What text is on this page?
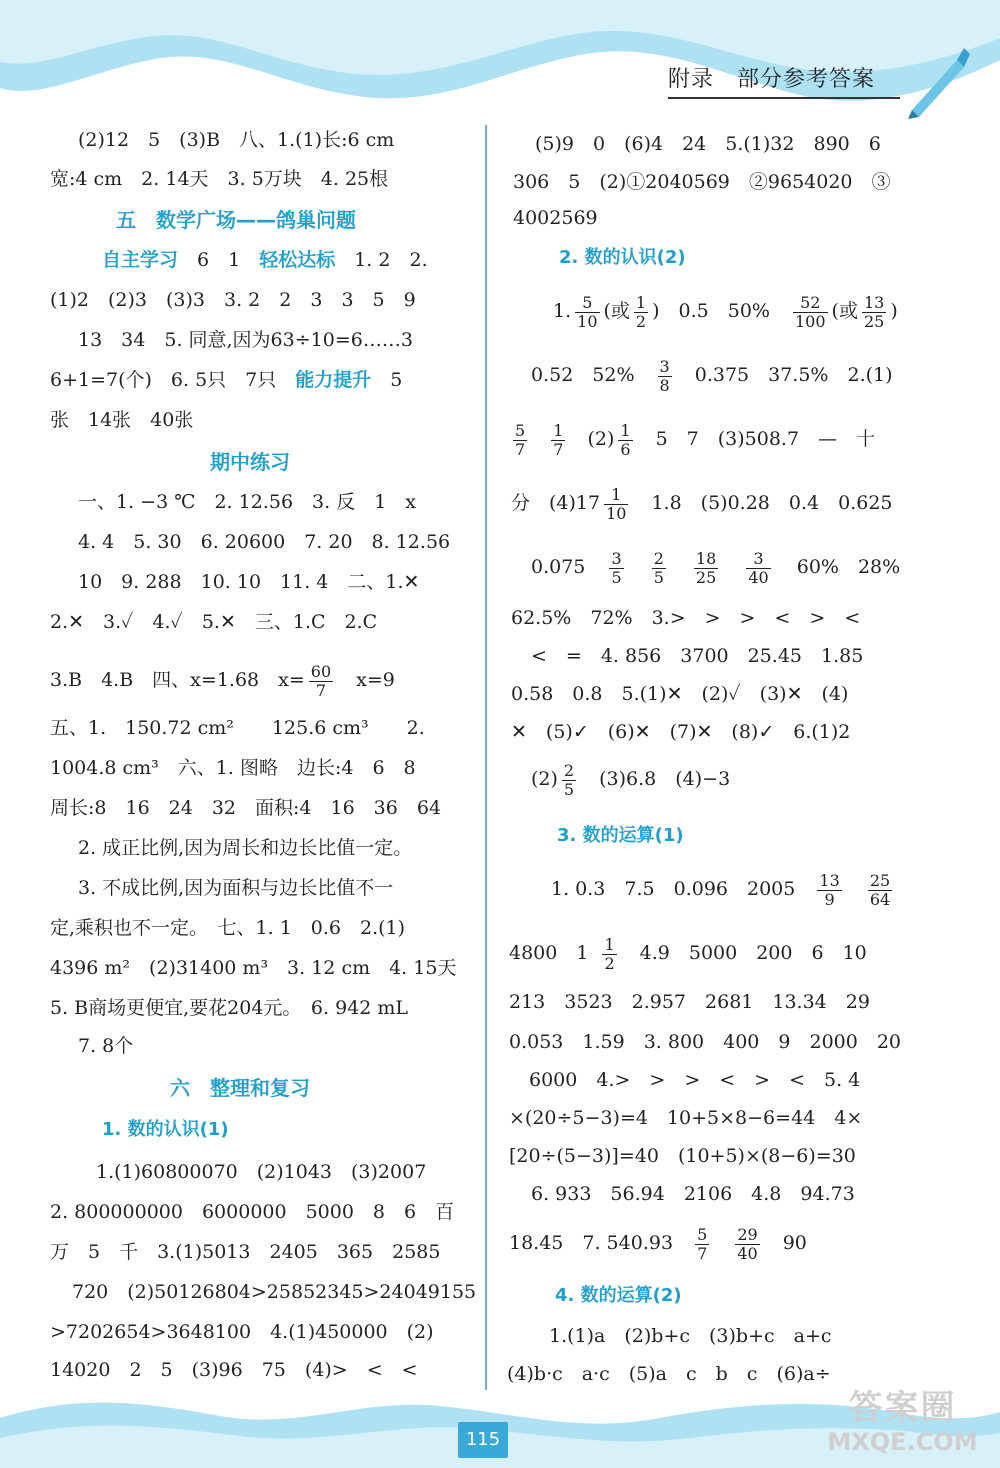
附录　部分参考答案
(2)12　5　(3)B　八、1.(1)长:6 cm
宽:4 cm　2. 14天　3. 5万块　4. 25根
五　数学广场——鸽巢问题
自主学习　6　1　轻松达标　1. 2　2.
(1)2　(2)3　(3)3　3. 2　2　3　3　5　9
13　34　5. 同意,因为63÷10=6……3
6+1=7(个)　6. 5只　7只　能力提升　5
张　14张　40张
期中练习
一、1. −3 ℃　2. 12.56　3. 反　1　x
4. 4　5. 30　6. 20600　7. 20　8. 12.56
10　9. 288　10. 10　11. 4　二、1.✕
2.✕　3.✓　4.✓　5.✕　三、1.C　2.C
3.B　4.B　四、x=1.68　$x= \frac{60}{7}$ 　x=9
五、1.　150.72 cm²　　125.6 cm³　　2.
1004.8 cm³　六、1. 图略　边长:4　6　8
周长:8　16　24　32　面积:4　16　36　64
2. 成正比例,因为周长和边长比值一定。
3. 不成比例,因为面积与边长比值不一
定,乘积也不一定。　七、1. 1　0.6　2.(1)
4396 m²　(2)31400 m³　3. 12 cm　4. 15天
5. B商场更便宜,要花204元。　6. 942 mL
7. 8个
六　整理和复习
1. 数的认识(1)
1.(1)60800070　(2)1043　(3)2007
2. 800000000　6000000　5000　8　6　百
万　5　千　3.(1)5013　2405　365　2585
720　(2)50126804>25852345>24049155
>7202654>3648100　4.(1)450000　(2)
14020　2　5　(3)96　75　(4)>　<　<
(5)9　0　(6)4　24　5.(1)32　890　6
306　5　(2)①2040569　②9654020　③
4002569
2. 数的认识(2)
1. $\frac{5}{10}$ (或 $\frac{1}{2}$ )　0.5　50%　 $\frac{52}{100}$ (或 $\frac{13}{25}$ )
0.52　52%　 $\frac{3}{8}$ 　0.375　37.5%　2.(1)
$\frac{5}{7}$
$\frac{1}{7} (2) \frac{1}{6}$ 　5　7　(3)508.7　—　十
分　$(4)17 \frac{1}{10}$ 　1.8　(5)0.28　0.4　0.625
$0.075 \frac{3}{5}$
$\frac{2}{5}$
$\frac{18}{25}$
$\frac{3}{40} 60\%$　28%
62.5%　72%　3.>　>　>　<　>　<
<　=　4. 856　3700　25.45　1.85
0.58　0.8　5.(1)✕　(2)✓　(3)✕　(4)
✕　(5)✓　(6)✕　(7)✕　(8)✓　6.(1)2
$(2) \frac{2}{5}$ 　(3)6.8　(4)−3
3. 数的运算(1)
1. 0.3　7.5　0.096　$2005 \frac{13}{9}$
$\frac{25}{64}$
4800　$1 \frac{1}{2}$ 　4.9　5000　200　6　10
213　3523　2.957　2681　13.34　29
0.053　1.59　3. 800　400　9　2000　20
6000　4.>　>　>　<　>　<　5. 4
×(20÷5−3)=4　10+5×8−6=44　4×
[20÷(5−3)]=40　(10+5)×(8−6)=30
6. 933　56.94　2106　4.8　94.73
18.45　7. $540.93 \frac{5}{7}$
$\frac{29}{40}$ 　90
4. 数的运算(2)
1.(1)a　(2)b+c　(3)b+c　a+c
(4)b·c　a·c　(5)a　c　b　c　(6)a÷
115
答案圈
MXQE.COM
